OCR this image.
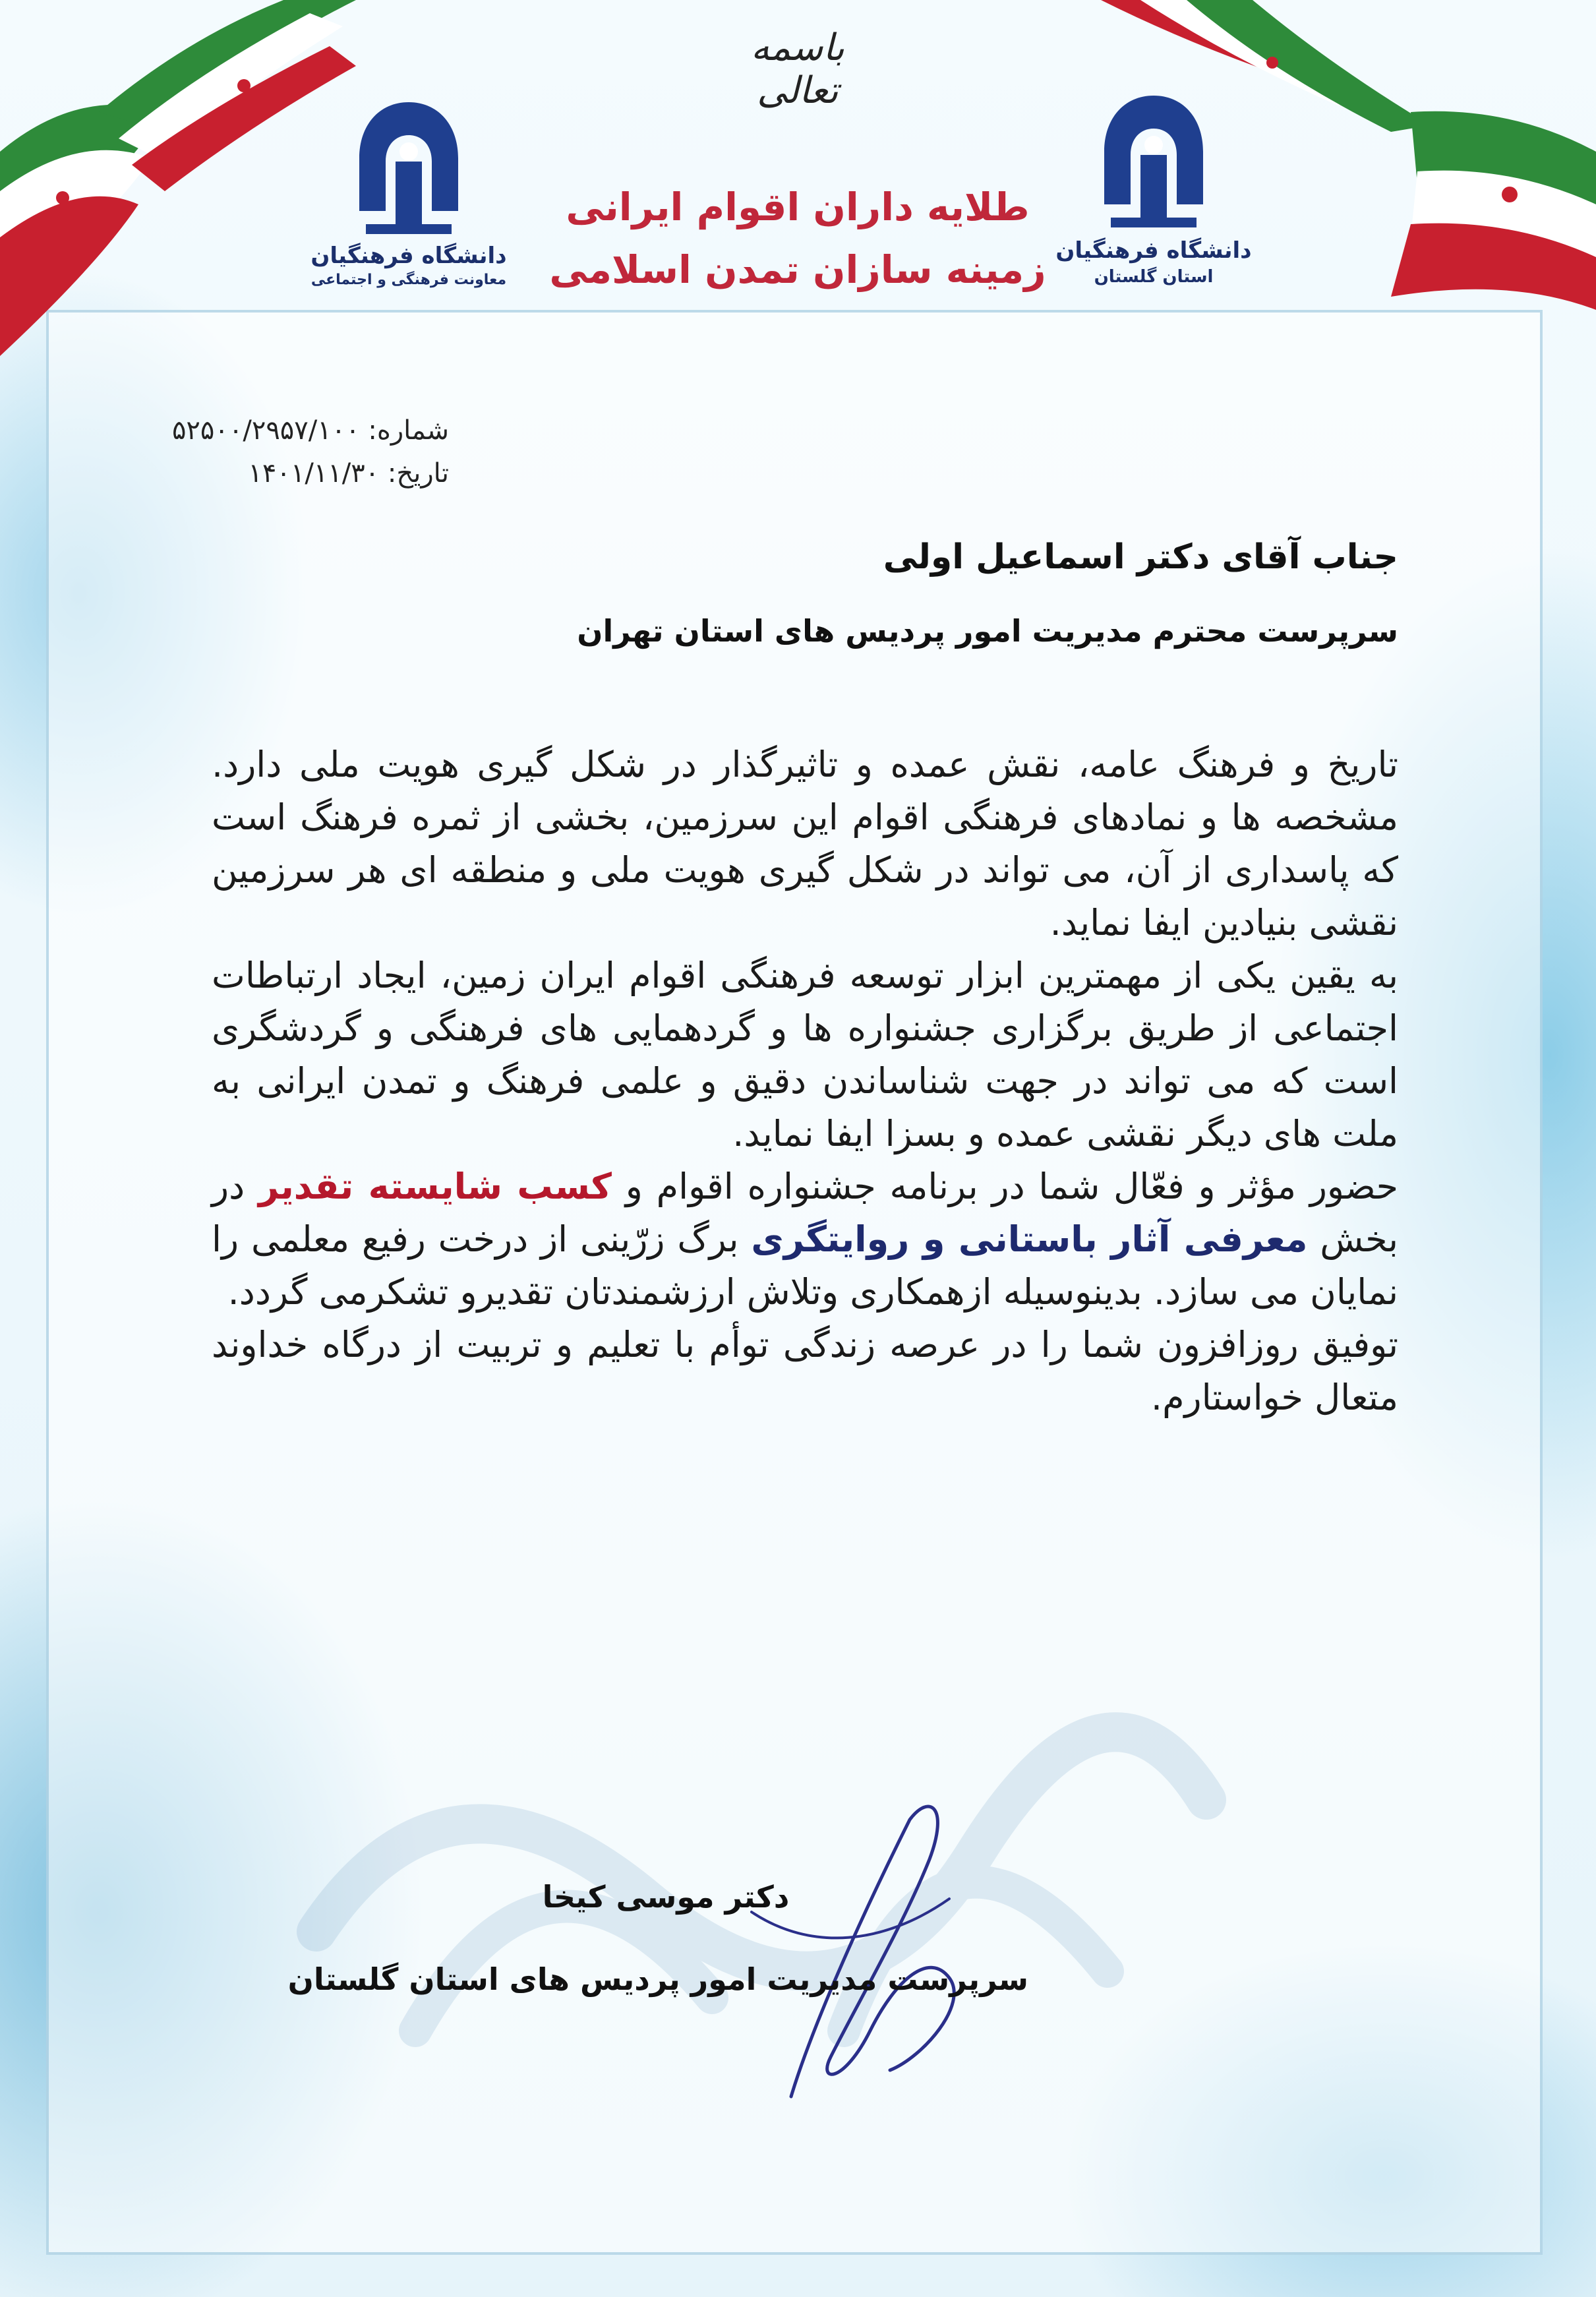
باسمه تعالی
دانشگاه فرهنگیان
معاونت فرهنگی و اجتماعی
دانشگاه فرهنگیان
استان گلستان
طلایه داران اقوام ایرانی
زمینه سازان تمدن اسلامی
شماره: ۵۲۵۰۰/۲۹۵۷/۱۰۰
تاریخ: ۱۴۰۱/۱۱/۳۰
جناب آقای دکتر اسماعیل اولی
سرپرست محترم مدیریت امور پردیس های استان تهران

تاریخ و فرهنگ عامه، نقش عمده و تاثیرگذار در شکل گیری هویت ملی دارد. مشخصه ها و نمادهای فرهنگی اقوام این سرزمین، بخشی از ثمره فرهنگ است که پاسداری از آن، می تواند در شکل گیری هویت ملی و منطقه ای هر سرزمین نقشی بنیادین ایفا نماید.

به یقین یکی از مهمترین ابزار توسعه فرهنگی اقوام ایران زمین، ایجاد ارتباطات اجتماعی از طریق برگزاری جشنواره ها و گردهمایی های فرهنگی و گردشگری است که می تواند در جهت شناساندن دقیق و علمی فرهنگ و تمدن ایرانی به ملت های دیگر نقشی عمده و بسزا ایفا نماید.

حضور مؤثر و فعّال شما در برنامه جشنواره اقوام و کسب شایسته تقدیر در بخش معرفی آثار باستانی و روایتگری برگ زرّینی از درخت رفیع معلمی را نمایان می سازد. بدینوسیله ازهمکاری وتلاش ارزشمندتان تقدیرو تشکرمی گردد.

توفیق روزافزون شما را در عرصه زندگی توأم با تعلیم و تربیت از درگاه خداوند متعال خواستارم.

دکتر موسی کیخا
سرپرست مدیریت امور پردیس های استان گلستان
